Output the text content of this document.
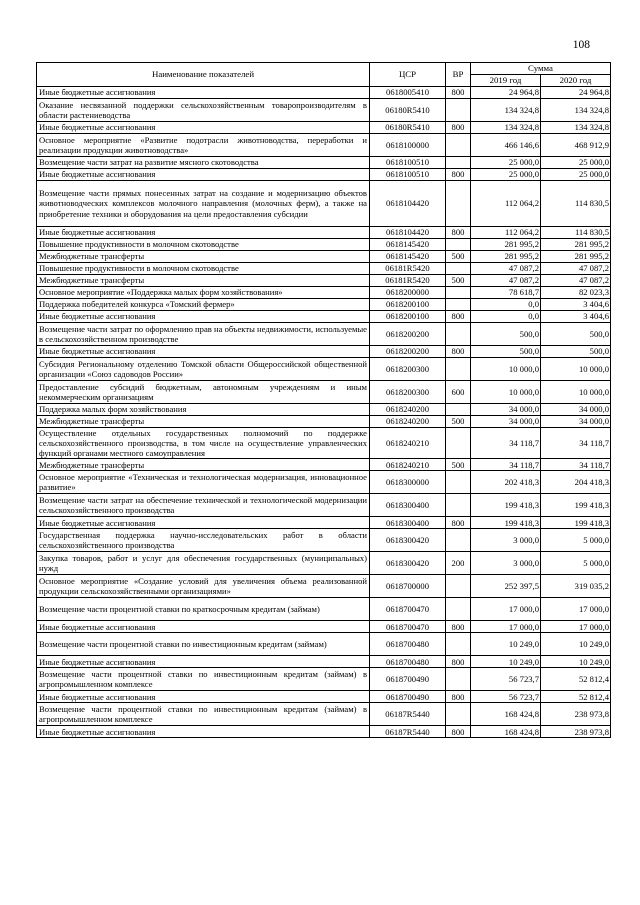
108
Наименование показателей	ЦСР	ВР	Сумма	
			2019 год	2020 год
Иные бюджетные ассигнования	0618005410	800	24 964,8	24 964,8
Оказание несвязанной поддержки сельскохозяйственным товаропроизводителям в области растениеводства	06180R5410		134 324,8	134 324,8
Иные бюджетные ассигнования	06180R5410	800	134 324,8	134 324,8
Основное мероприятие «Развитие подотрасли животноводства, переработки и реализации продукции животноводства»	0618100000		466 146,6	468 912,9
Возмещение части затрат на развитие мясного скотоводства	0618100510		25 000,0	25 000,0
Иные бюджетные ассигнования	0618100510	800	25 000,0	25 000,0
Возмещение части прямых понесенных затрат на создание и модернизацию объектов животноводческих комплексов молочного направления (молочных ферм), а также на приобретение техники и оборудования на цели предоставления субсидии	0618104420		112 064,2	114 830,5
Иные бюджетные ассигнования	0618104420	800	112 064,2	114 830,5
Повышение продуктивности в молочном скотоводстве	0618145420		281 995,2	281 995,2
Межбюджетные трансферты	0618145420	500	281 995,2	281 995,2
Повышение продуктивности в молочном скотоводстве	06181R5420		47 087,2	47 087,2
Межбюджетные трансферты	06181R5420	500	47 087,2	47 087,2
Основное мероприятие «Поддержка малых форм хозяйствования»	0618200000		78 618,7	82 023,3
Поддержка победителей конкурса «Томский фермер»	0618200100		0,0	3 404,6
Иные бюджетные ассигнования	0618200100	800	0,0	3 404,6
Возмещение части затрат по оформлению прав на объекты недвижимости, используемые в сельскохозяйственном производстве	0618200200		500,0	500,0
Иные бюджетные ассигнования	0618200200	800	500,0	500,0
Субсидия Региональному отделению Томской области Общероссийской общественной организации «Союз садоводов России»	0618200300		10 000,0	10 000,0
Предоставление субсидий бюджетным, автономным учреждениям и иным некоммерческим организациям	0618200300	600	10 000,0	10 000,0
Поддержка малых форм хозяйствования	0618240200		34 000,0	34 000,0
Межбюджетные трансферты	0618240200	500	34 000,0	34 000,0
Осуществление отдельных государственных полномочий по поддержке сельскохозяйственного производства, в том числе на осуществление управленческих функций органами местного самоуправления	0618240210		34 118,7	34 118,7
Межбюджетные трансферты	0618240210	500	34 118,7	34 118,7
Основное мероприятие «Техническая и технологическая модернизация, инновационное развитие»	0618300000		202 418,3	204 418,3
Возмещение части затрат на обеспечение технической и технологической модернизации сельскохозяйственного производства	0618300400		199 418,3	199 418,3
Иные бюджетные ассигнования	0618300400	800	199 418,3	199 418,3
Государственная поддержка научно-исследовательских работ в области сельскохозяйственного производства	0618300420		3 000,0	5 000,0
Закупка товаров, работ и услуг для обеспечения государственных (муниципальных) нужд	0618300420	200	3 000,0	5 000,0
Основное мероприятие «Создание условий для увеличения объема реализованной продукции сельскохозяйственными организациями»	0618700000		252 397,5	319 035,2
Возмещение части процентной ставки по краткосрочным кредитам (займам)	0618700470		17 000,0	17 000,0
Иные бюджетные ассигнования	0618700470	800	17 000,0	17 000,0
Возмещение части процентной ставки по инвестиционным кредитам (займам)	0618700480		10 249,0	10 249,0
Иные бюджетные ассигнования	0618700480	800	10 249,0	10 249,0
Возмещение части процентной ставки по инвестиционным кредитам (займам) в агропромышленном комплексе	0618700490		56 723,7	52 812,4
Иные бюджетные ассигнования	0618700490	800	56 723,7	52 812,4
Возмещение части процентной ставки по инвестиционным кредитам (займам) в агропромышленном комплексе	06187R5440		168 424,8	238 973,8
Иные бюджетные ассигнования	06187R5440	800	168 424,8	238 973,8
